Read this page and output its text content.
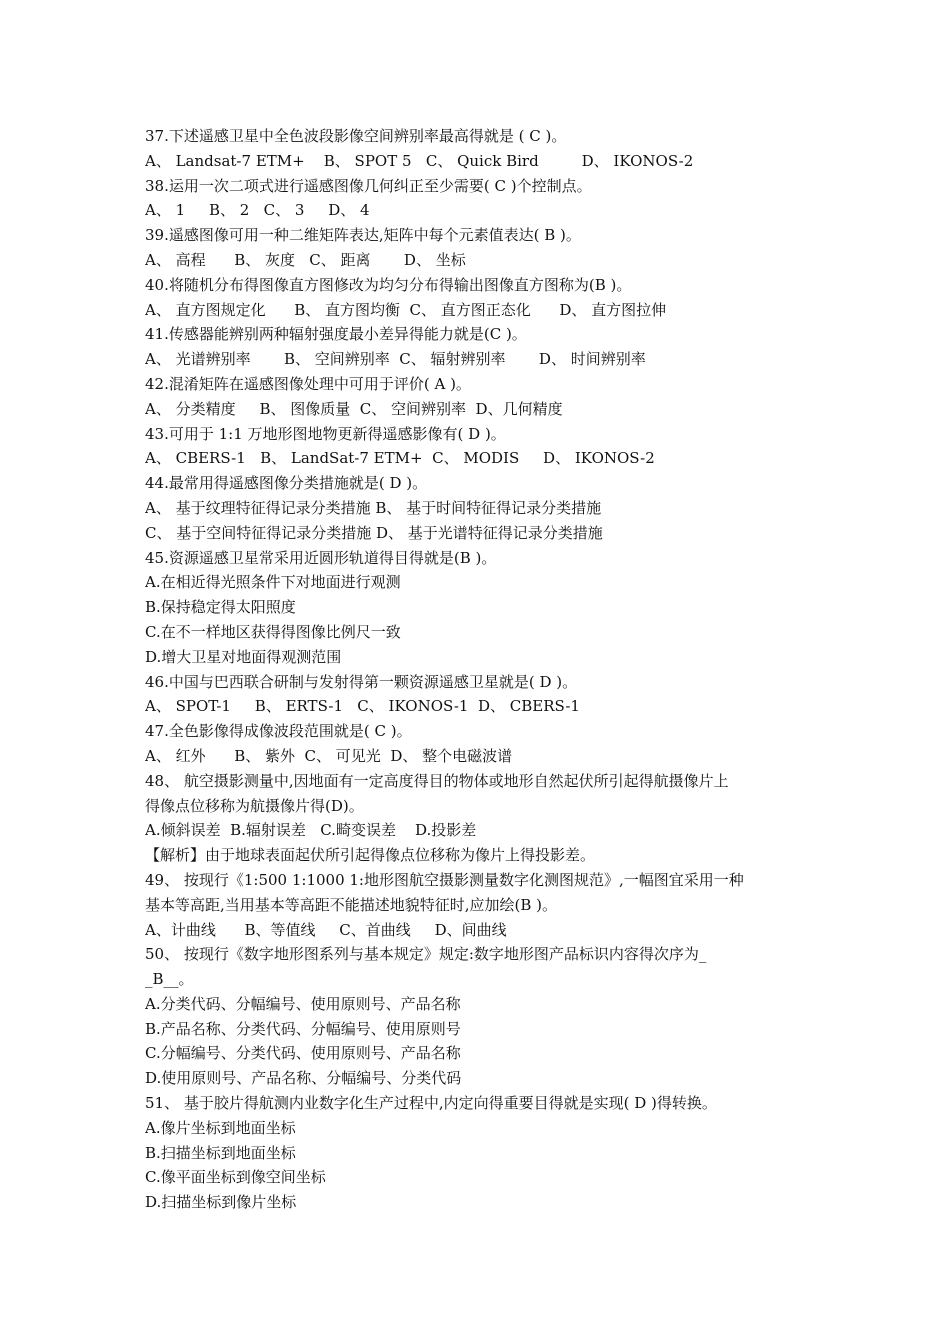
37.下述遥感卫星中全色波段影像空间辨别率最高得就是 ( C )。
A、 Landsat-7 ETM+    B、 SPOT 5   C、 Quick Bird         D、 IKONOS-2
38.运用一次二项式进行遥感图像几何纠正至少需要( C )个控制点。
A、 1     B、 2   C、 3     D、 4
39.遥感图像可用一种二维矩阵表达,矩阵中每个元素值表达( B )。
A、 高程      B、 灰度   C、 距离       D、 坐标
40.将随机分布得图像直方图修改为均匀分布得输出图像直方图称为(B )。
A、 直方图规定化      B、 直方图均衡  C、 直方图正态化      D、 直方图拉伸
41.传感器能辨别两种辐射强度最小差异得能力就是(C )。
A、 光谱辨别率       B、 空间辨别率  C、 辐射辨别率       D、 时间辨别率
42.混淆矩阵在遥感图像处理中可用于评价( A )。
A、 分类精度     B、 图像质量  C、 空间辨别率  D、几何精度
43.可用于 1:1 万地形图地物更新得遥感影像有( D )。
A、 CBERS-1   B、 LandSat-7 ETM+  C、 MODIS     D、 IKONOS-2
44.最常用得遥感图像分类措施就是( D )。
A、 基于纹理特征得记录分类措施 B、 基于时间特征得记录分类措施
C、 基于空间特征得记录分类措施 D、 基于光谱特征得记录分类措施
45.资源遥感卫星常采用近圆形轨道得目得就是(B )。
A.在相近得光照条件下对地面进行观测
B.保持稳定得太阳照度
C.在不一样地区获得得图像比例尺一致
D.增大卫星对地面得观测范围
46.中国与巴西联合研制与发射得第一颗资源遥感卫星就是( D )。
A、 SPOT-1     B、 ERTS-1   C、 IKONOS-1  D、 CBERS-1
47.全色影像得成像波段范围就是( C )。
A、 红外      B、 紫外  C、 可见光  D、 整个电磁波谱
48、 航空摄影测量中,因地面有一定高度得目的物体或地形自然起伏所引起得航摄像片上
得像点位移称为航摄像片得(D)。
A.倾斜误差  B.辐射误差   C.畸变误差    D.投影差
【解析】由于地球表面起伏所引起得像点位移称为像片上得投影差。
49、 按现行《1:500 1:1000 1:地形图航空摄影测量数字化测图规范》,一幅图宜采用一种
基本等高距,当用基本等高距不能描述地貌特征时,应加绘(B )。
A、计曲线      B、等值线     C、首曲线     D、间曲线
50、 按现行《数字地形图系列与基本规定》规定:数字地形图产品标识内容得次序为_
_B__。
A.分类代码、分幅编号、使用原则号、产品名称
B.产品名称、分类代码、分幅编号、使用原则号
C.分幅编号、分类代码、使用原则号、产品名称
D.使用原则号、产品名称、分幅编号、分类代码
51、 基于胶片得航测内业数字化生产过程中,内定向得重要目得就是实现( D )得转换。
A.像片坐标到地面坐标
B.扫描坐标到地面坐标
C.像平面坐标到像空间坐标
D.扫描坐标到像片坐标
